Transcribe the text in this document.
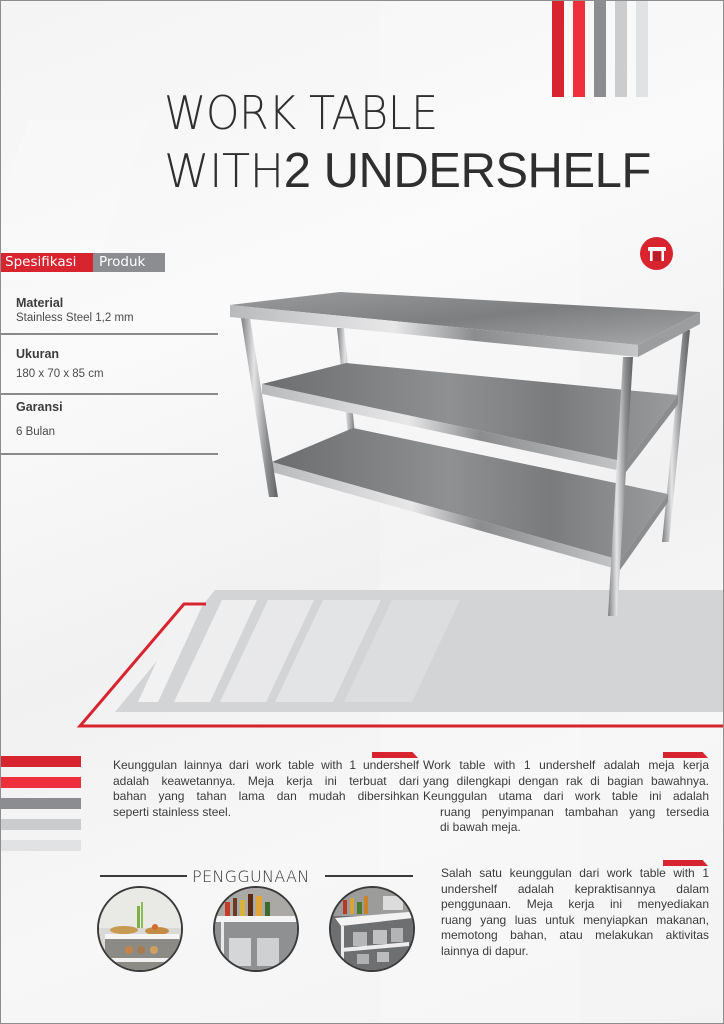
WORK TABLE
WITH2 UNDERSHELF
Spesifikasi	Produk
Material
Stainless Steel 1,2 mm
Ukuran
180 x 70 x 85 cm
Garansi
6 Bulan
Keunggulan lainnya dari work table with 1 undershelf
adalah keawetannya. Meja kerja ini terbuat dari
bahan yang tahan lama dan mudah dibersihkan
seperti stainless steel.
Work table with 1 undershelf adalah meja kerja
yang dilengkapi dengan rak di bagian bawahnya.
Keunggulan utama dari work table ini adalah
ruang penyimpanan tambahan yang tersedia
di bawah meja.
Salah satu keunggulan dari work table with 1
undershelf adalah kepraktisannya dalam
penggunaan. Meja kerja ini menyediakan
ruang yang luas untuk menyiapkan makanan,
memotong bahan, atau melakukan aktivitas
lainnya di dapur.
PENGGUNAAN
